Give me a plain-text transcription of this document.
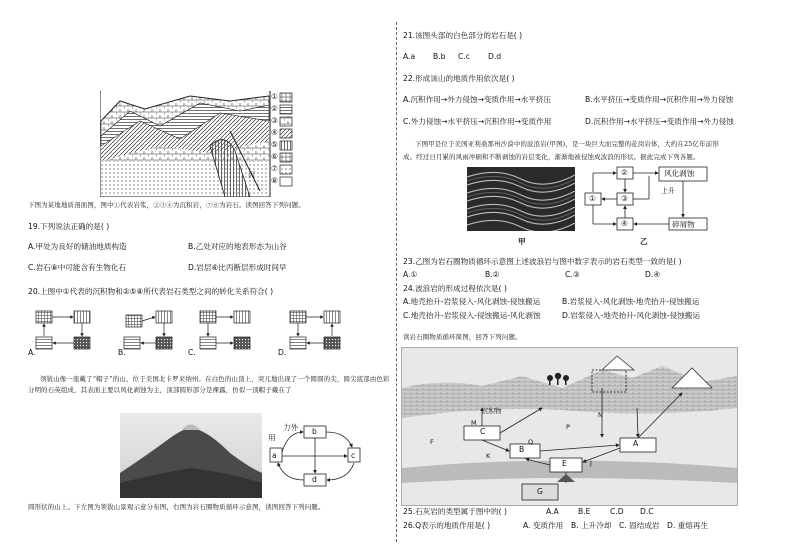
丙
①
②
③
④
⑤
⑥
⑦
⑧
下图为某地地质剖面图，图中①代表岩浆，②③④为沉积岩，⑦⑧为岩石。读图回答下列问题。
19.下列说法正确的是( )
A.甲处为良好的储油地质构造	B.乙处对应的地表形态为山谷
C.岩石⑧中可能含有生物化石	D.岩层⑥比丙断层形成时间早
20.上图中①代表的沉积物和②⑤⑧所代表岩石类型之间的转化关系符合( )
A.	B.	C.	D.
领钹山像一座戴了“帽子”的山，位于美国北卡罗来纳州。在白色的山顶上，突兀地出现了一个圆圆的尖，圆尖底部由色彩分明的石英组成，其表面主要以风化剥蚀为主，顶部圆形部分是裸露，仿似一顶帽子戴在了
力外
用
b
a	c
d
圆形状的山上。下左图为领钹山景观示意分布图，右图为岩石圈物质循环示意图，读图回答下列问题。
21.该图头部的白色部分的岩石是( )
A.a B.b C.c D.d
22.形成该山的地质作用依次是( )
A.沉积作用→外力侵蚀→变质作用→水平挤压	B.水平挤压→变质作用→沉积作用→外力侵蚀
C.外力侵蚀→水平挤压→沉积作用→变质作用	D.沉积作用→水平挤压→变质作用→外力侵蚀
下图甲是位于美国亚利桑那州沙漠中的波浪岩(甲图)，是一块巨大而完整的花岗岩体，大约在25亿年前形
成。经过日月累的风雨冲刷和不断剥蚀的岩层变化，渐渐地被侵蚀成波浪的形状。据此完成下列各题。
甲
②
③
①
④
风化剥蚀
上升
碎屑物
乙
23.乙图为岩石圈物质循环示意图上述波浪岩与图中数字表示的岩石类型一致的是( )
A.①	B.②	C.③	D.④
24.波浪岩的形成过程依次是( )
A.地壳抬升-岩浆侵入-风化剥蚀-侵蚀搬运	B.岩浆侵入-风化剥蚀-地壳抬升-侵蚀搬运
C.地壳抬升-岩浆侵入-侵蚀搬运-风化剥蚀	D.岩浆侵入-地壳抬升-风化剥蚀-侵蚀搬运
读岩石圈物质循环简图，回答下列问题。
C
B
A
E
G
沉积物
M
F
N
K
Q
J
P
25.石灰岩的类型属于图中的( )	A.A	B.E	C.D D.C
26.Q表示的地质作用是( )	A. 变质作用 B. 上升冷却 C. 固结成岩 D. 重熔再生
